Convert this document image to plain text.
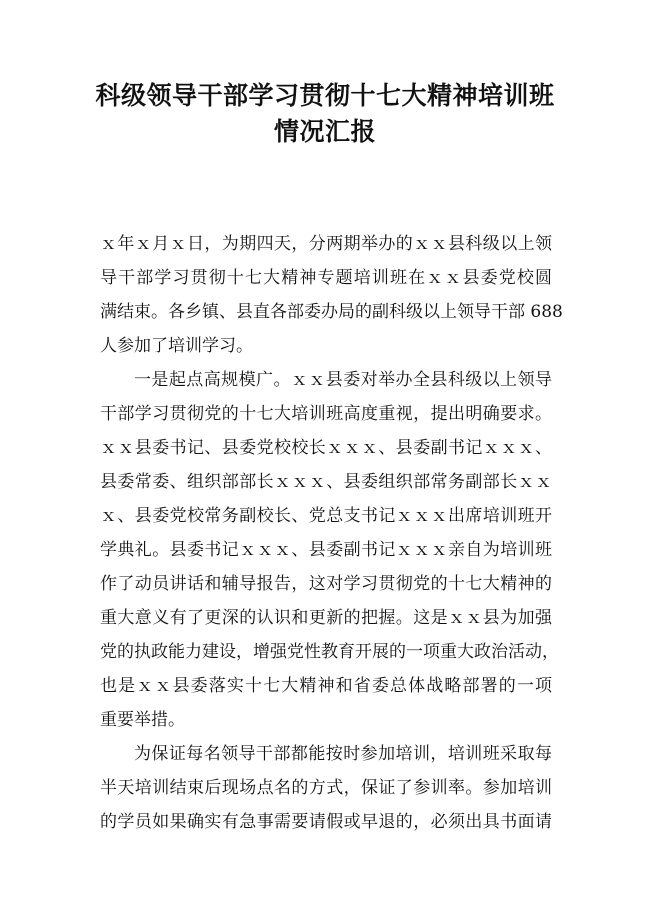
科级领导干部学习贯彻十七大精神培训班
情况汇报
ｘ年ｘ月ｘ日，为期四天，分两期举办的ｘｘ县科级以上领
导干部学习贯彻十七大精神专题培训班在ｘｘ县委党校圆
满结束。各乡镇、县直各部委办局的副科级以上领导干部 688
人参加了培训学习。
一是起点高规模广。ｘｘ县委对举办全县科级以上领导
干部学习贯彻党的十七大培训班高度重视，提出明确要求。
ｘｘ县委书记、县委党校校长ｘｘｘ、县委副书记ｘｘｘ、
县委常委、组织部部长ｘｘｘ、县委组织部常务副部长ｘｘ
ｘ、县委党校常务副校长、党总支书记ｘｘｘ出席培训班开
学典礼。县委书记ｘｘｘ、县委副书记ｘｘｘ亲自为培训班
作了动员讲话和辅导报告，这对学习贯彻党的十七大精神的
重大意义有了更深的认识和更新的把握。这是ｘｘ县为加强
党的执政能力建设，增强党性教育开展的一项重大政治活动，
也是ｘｘ县委落实十七大精神和省委总体战略部署的一项
重要举措。
为保证每名领导干部都能按时参加培训，培训班采取每
半天培训结束后现场点名的方式，保证了参训率。参加培训
的学员如果确实有急事需要请假或早退的，必须出具书面请
